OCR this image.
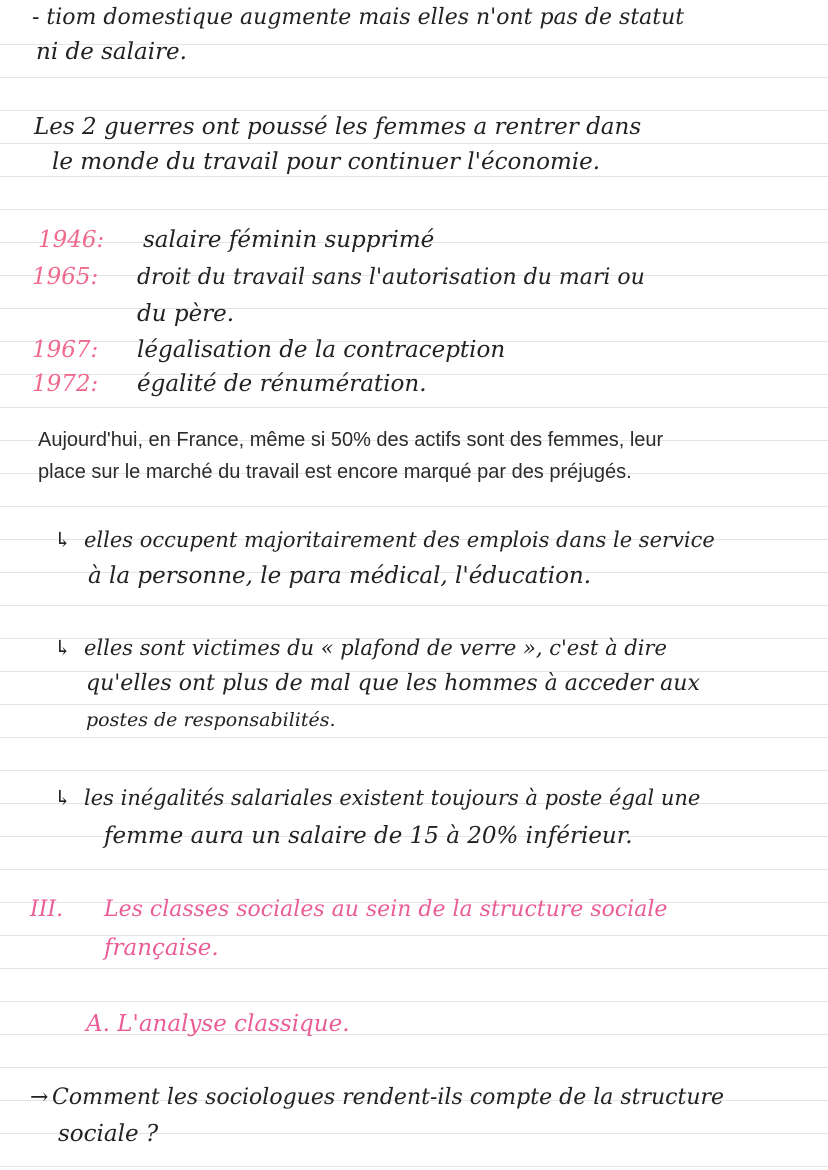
- tiom domestique augmente mais elles n'ont pas de statut
ni de salaire.
Les 2 guerres ont poussé les femmes a rentrer dans
le monde du travail pour continuer l'économie.
1946: salaire féminin supprimé
1965: droit du travail sans l'autorisation du mari ou
du père.
1967: légalisation de la contraception
1972: égalité de rénumération.
Aujourd'hui, en France, même si 50% des actifs sont des femmes, leur
place sur le marché du travail est encore marqué par des préjugés.
↳ elles occupent majoritairement des emplois dans le service
à la personne, le para médical, l'éducation.
↳ elles sont victimes du « plafond de verre », c'est à dire
qu'elles ont plus de mal que les hommes à acceder aux
postes de responsabilités.
↳ les inégalités salariales existent toujours à poste égal une
femme aura un salaire de 15 à 20% inférieur.
III. Les classes sociales au sein de la structure sociale
française.
A. L'analyse classique.
→ Comment les sociologues rendent-ils compte de la structure
sociale ?
